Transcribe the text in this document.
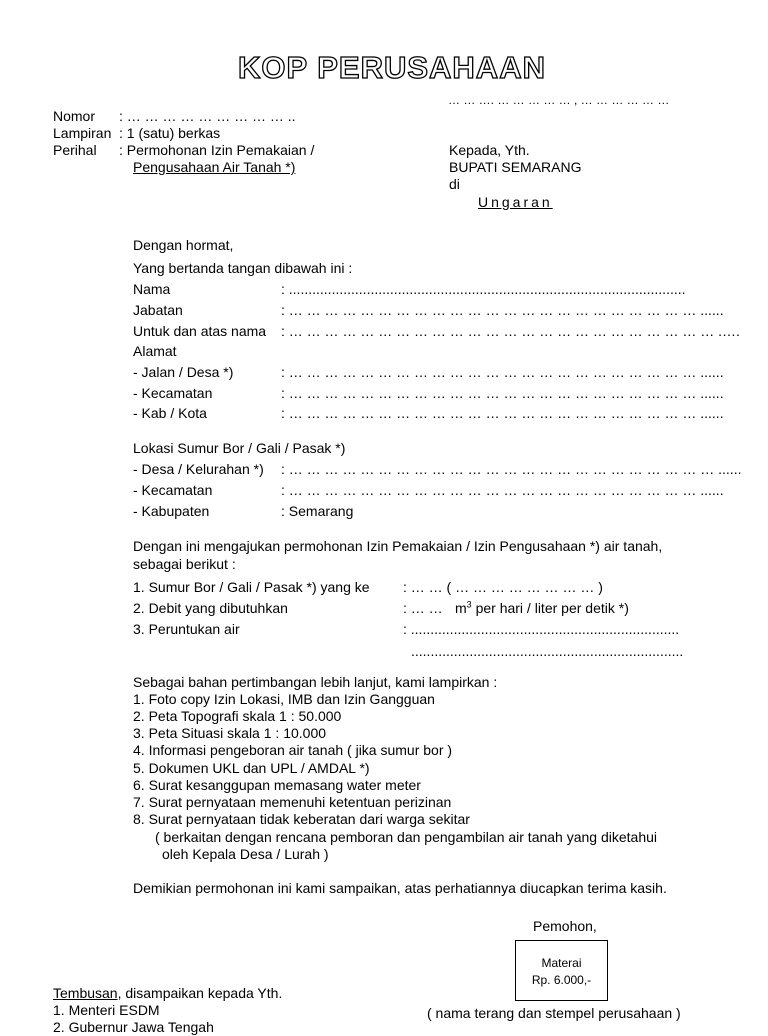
KOP PERUSAHAAN
… … …. … … … … … , … … … … … …
Nomor : … … … … … … … … … ..
Lampiran : 1 (satu) berkas
Perihal : Permohonan Izin Pemakaian /
Pengusahaan Air Tanah *)
Kepada, Yth.
BUPATI SEMARANG
di
Ungaran
Dengan hormat,
Yang bertanda tangan dibawah ini :
Nama	: ......................................................................................................
Jabatan	: … … … … … … … … … … … … … … … … … … … … … … … ......
Untuk dan atas nama : … … … … … … … … … … … … … … … … … … … … … … … … .….
Alamat
- Jalan / Desa *)	: … … … … … … … … … … … … … … … … … … … … … … … ......
- Kecamatan	: … … … … … … … … … … … … … … … … … … … … … … … ......
- Kab / Kota	: … … … … … … … … … … … … … … … … … … … … … … … ......
Lokasi Sumur Bor / Gali / Pasak *)
- Desa / Kelurahan *) : … … … … … … … … … … … … … … … … … … … … … … … … ......
- Kecamatan	: … … … … … … … … … … … … … … … … … … … … … … … ......
- Kabupaten	: Semarang
Dengan ini mengajukan permohonan Izin Pemakaian / Izin Pengusahaan *) air tanah,
sebagai berikut :
1. Sumur Bor / Gali / Pasak *) yang ke : … … ( … … … … … … … … )
2. Debit yang dibutuhkan	: … … $m^3$ per hari / liter per detik *)
3. Peruntukan air	: .....................................................................
......................................................................
Sebagai bahan pertimbangan lebih lanjut, kami lampirkan :
1. Foto copy Izin Lokasi, IMB dan Izin Gangguan
2. Peta Topografi skala 1 : 50.000
3. Peta Situasi skala 1 : 10.000
4. Informasi pengeboran air tanah ( jika sumur bor )
5. Dokumen UKL dan UPL / AMDAL *)
6. Surat kesanggupan memasang water meter
7. Surat pernyataan memenuhi ketentuan perizinan
8. Surat pernyataan tidak keberatan dari warga sekitar
( berkaitan dengan rencana pemboran dan pengambilan air tanah yang diketahui
oleh Kepala Desa / Lurah )
Demikian permohonan ini kami sampaikan, atas perhatiannya diucapkan terima kasih.
Pemohon,
Materai
Rp. 6.000,-
( nama terang dan stempel perusahaan )
Tembusan, disampaikan kepada Yth.
1. Menteri ESDM
2. Gubernur Jawa Tengah
